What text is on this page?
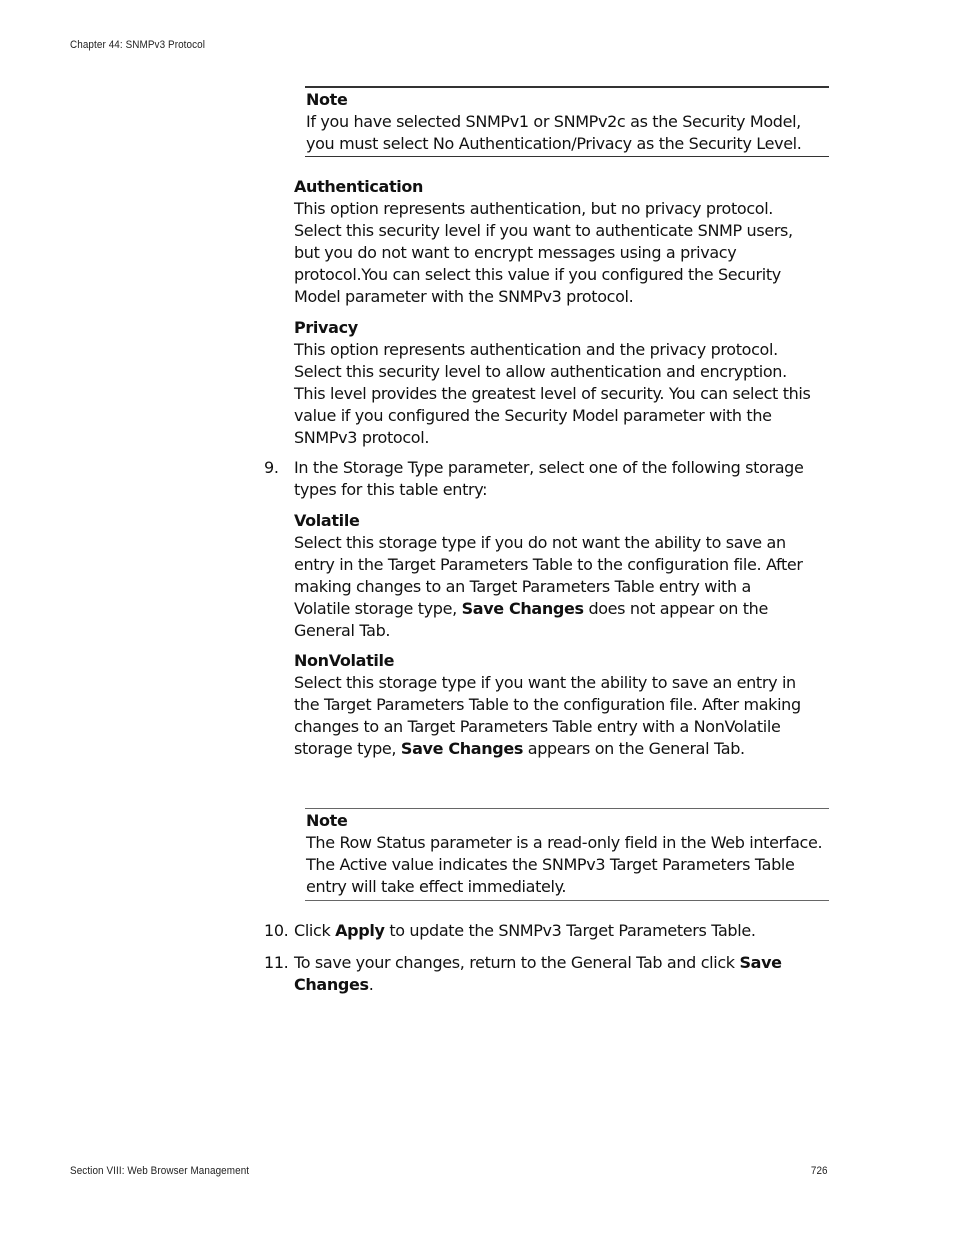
Chapter 44: SNMPv3 Protocol

Note

If you have selected SNMPv1 or SNMPv2c as the Security Model, you must select No Authentication/Privacy as the Security Level.

Authentication

This option represents authentication, but no privacy protocol. Select this security level if you want to authenticate SNMP users, but you do not want to encrypt messages using a privacy protocol.You can select this value if you configured the Security Model parameter with the SNMPv3 protocol.

Privacy

This option represents authentication and the privacy protocol. Select this security level to allow authentication and encryption. This level provides the greatest level of security. You can select this value if you configured the Security Model parameter with the SNMPv3 protocol.

9. In the Storage Type parameter, select one of the following storage types for this table entry:

Volatile

Select this storage type if you do not want the ability to save an entry in the Target Parameters Table to the configuration file. After making changes to an Target Parameters Table entry with a Volatile storage type, Save Changes does not appear on the General Tab.

NonVolatile

Select this storage type if you want the ability to save an entry in the Target Parameters Table to the configuration file. After making changes to an Target Parameters Table entry with a NonVolatile storage type, Save Changes appears on the General Tab.

Note

The Row Status parameter is a read-only field in the Web interface. The Active value indicates the SNMPv3 Target Parameters Table entry will take effect immediately.

10. Click Apply to update the SNMPv3 Target Parameters Table.

11. To save your changes, return to the General Tab and click Save Changes.

Section VIII: Web Browser Management	726
